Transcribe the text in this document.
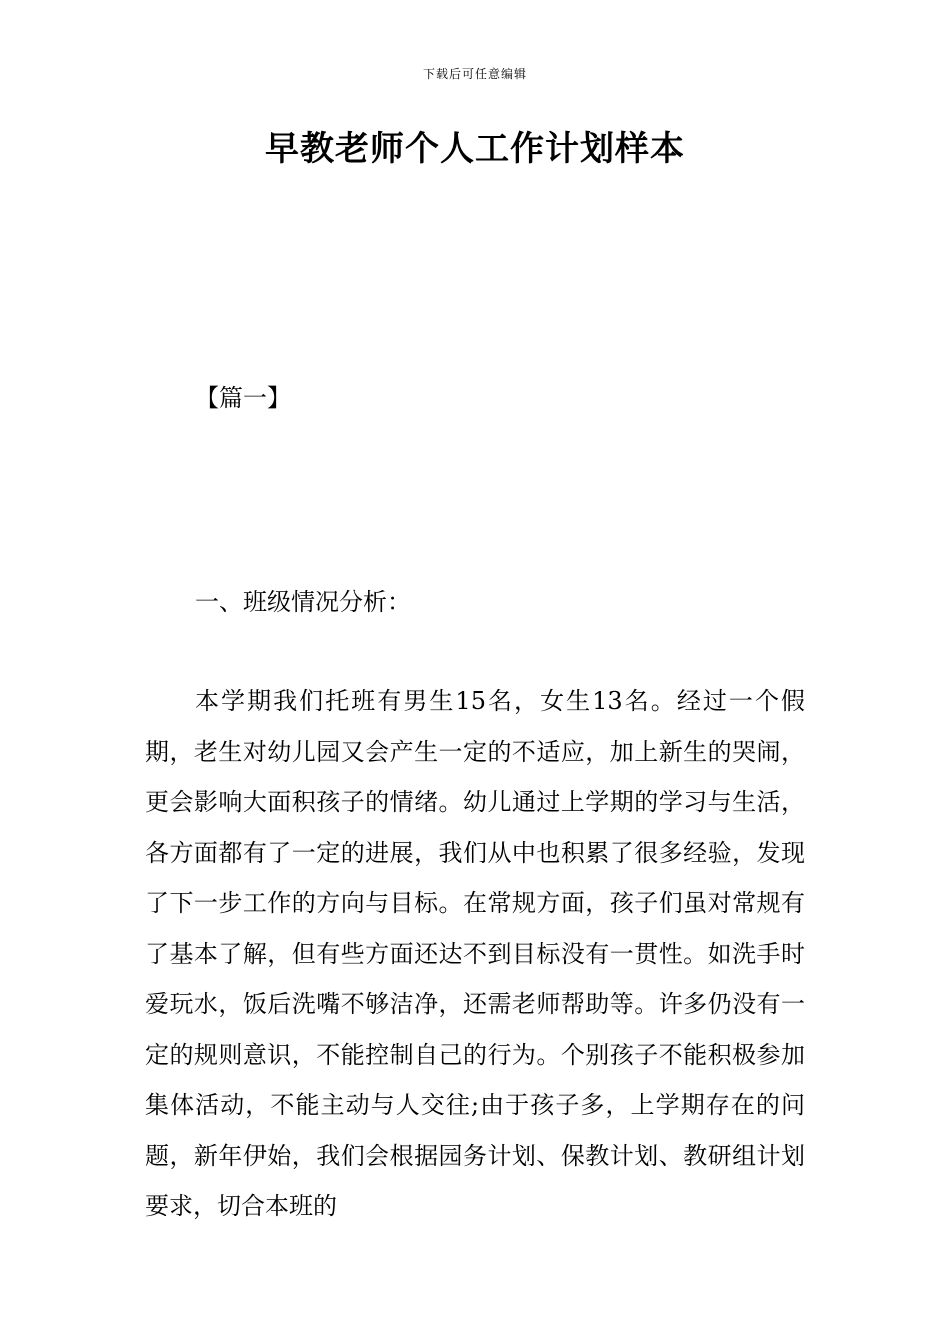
下载后可任意编辑
早教老师个人工作计划样本

【篇一】

一、班级情况分析：

本学期我们托班有男生15名，女生13名。经过一个假期，老生对幼儿园又会产生一定的不适应，加上新生的哭闹，更会影响大面积孩子的情绪。幼儿通过上学期的学习与生活，各方面都有了一定的进展，我们从中也积累了很多经验，发现了下一步工作的方向与目标。在常规方面，孩子们虽对常规有了基本了解，但有些方面还达不到目标没有一贯性。如洗手时爱玩水，饭后洗嘴不够洁净，还需老师帮助等。许多仍没有一定的规则意识，不能控制自己的行为。个别孩子不能积极参加集体活动，不能主动与人交往;由于孩子多，上学期存在的问题，新年伊始，我们会根据园务计划、保教计划、教研组计划要求，切合本班的
